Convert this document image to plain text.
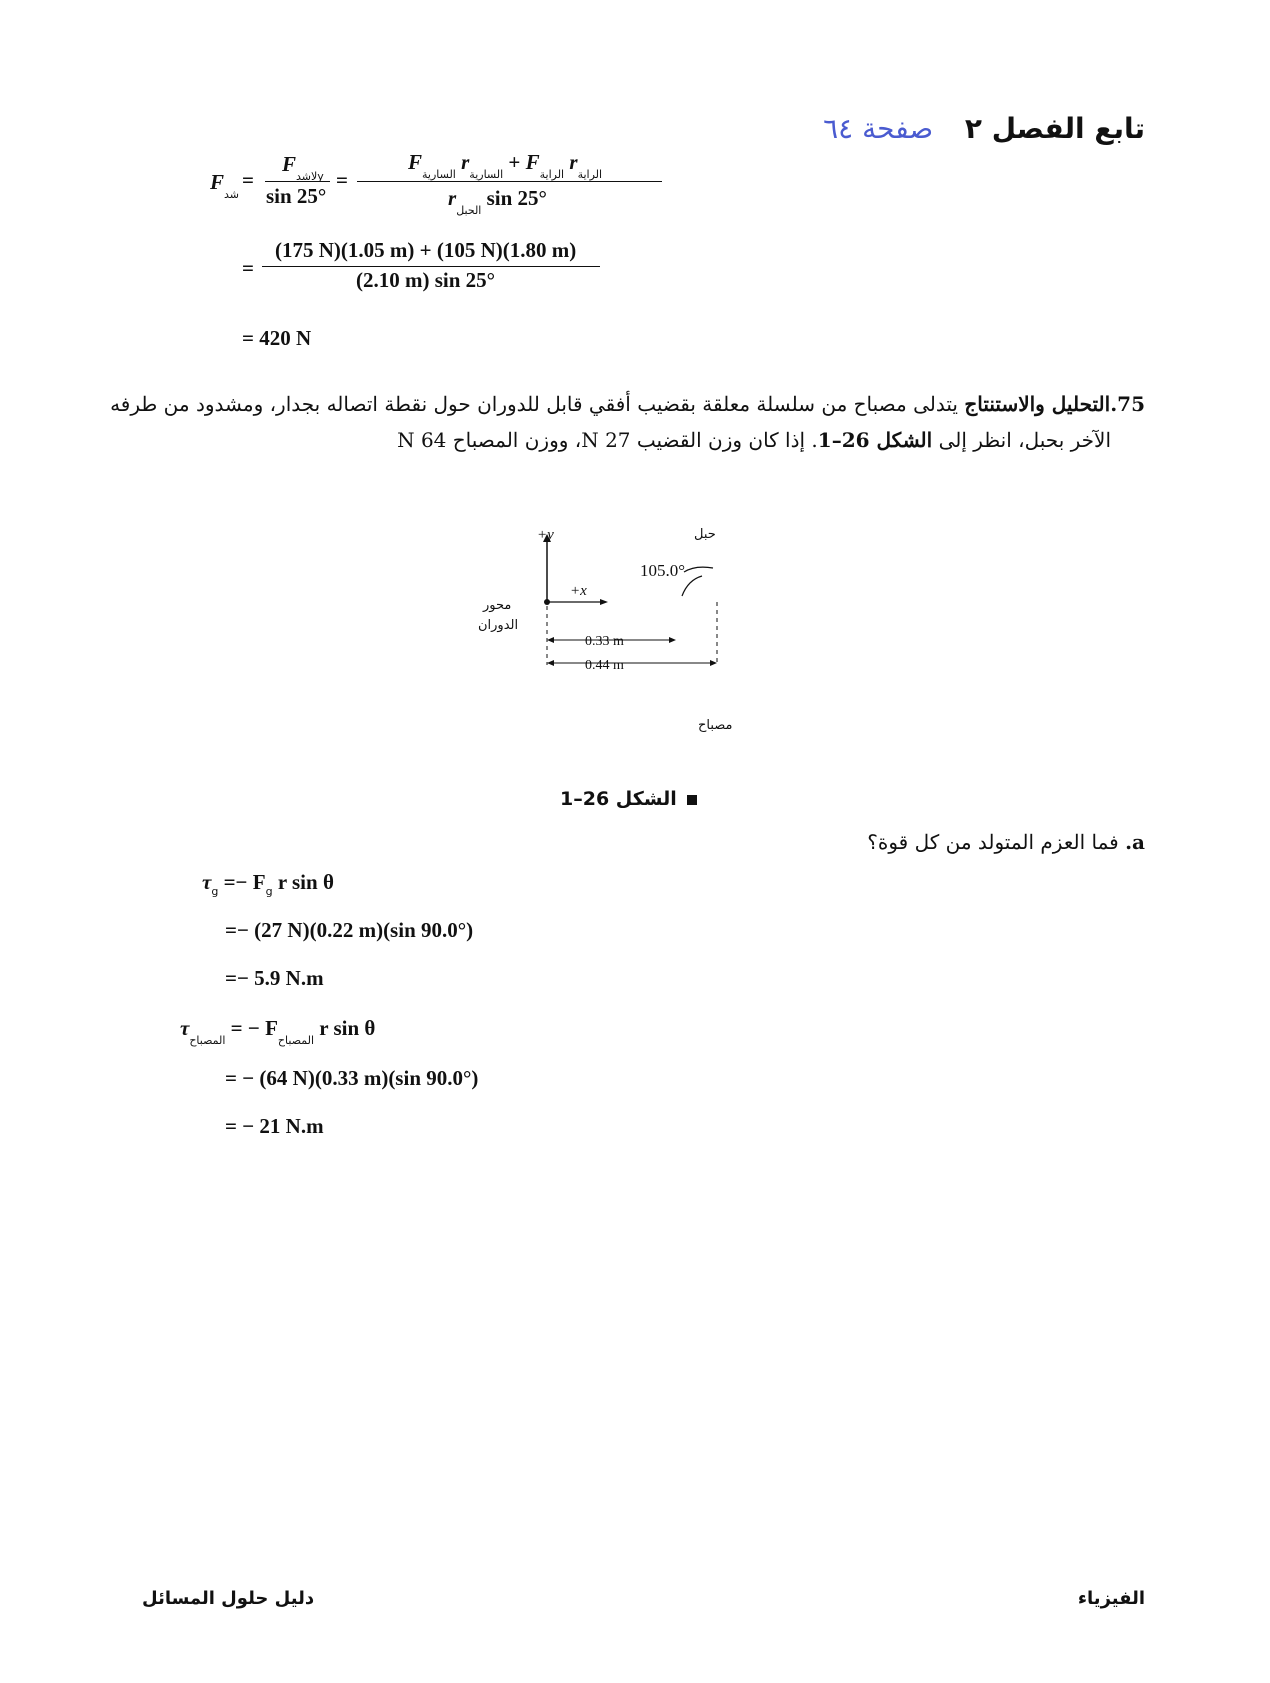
تابع الفصل ٢ صفحة ٦٤
$F_{شد}$
=
$F_{لاشدy}$
sin 25°
=
$F_{السارية}$ $r_{السارية} + F_{الراية}$ $r_{الراية}$
$r_{الحبل}$ sin 25°
=
(175 N)(1.05 m) + (105 N)(1.80 m)
(2.10 m) sin 25°
= 420 N
75.التحليل والاستنتاج يتدلى مصباح من سلسلة معلقة بقضيب أفقي قابل للدوران حول نقطة اتصاله بجدار، ومشدود من طرفه
الآخر بحبل، انظر إلى الشكل 26–1. إذا كان وزن القضيب 27 N، ووزن المصباح 64 N
+y
+x
حبل
105.0°
محور
الدوران
0.33 m
0.44 m
مصباح
الشكل 26–1
a. فما العزم المتولد من كل قوة؟
$\tau_g =- F_g$ r sin θ
=− (27 N)(0.22 m)(sin 90.0°)
=− 5.9 N.m
$\tau_{المصباح}$ = − $F_{المصباح}$ r sin θ
= − (64 N)(0.33 m)(sin 90.0°)
= − 21 N.m
الفيزياء
دليل حلول المسائل
